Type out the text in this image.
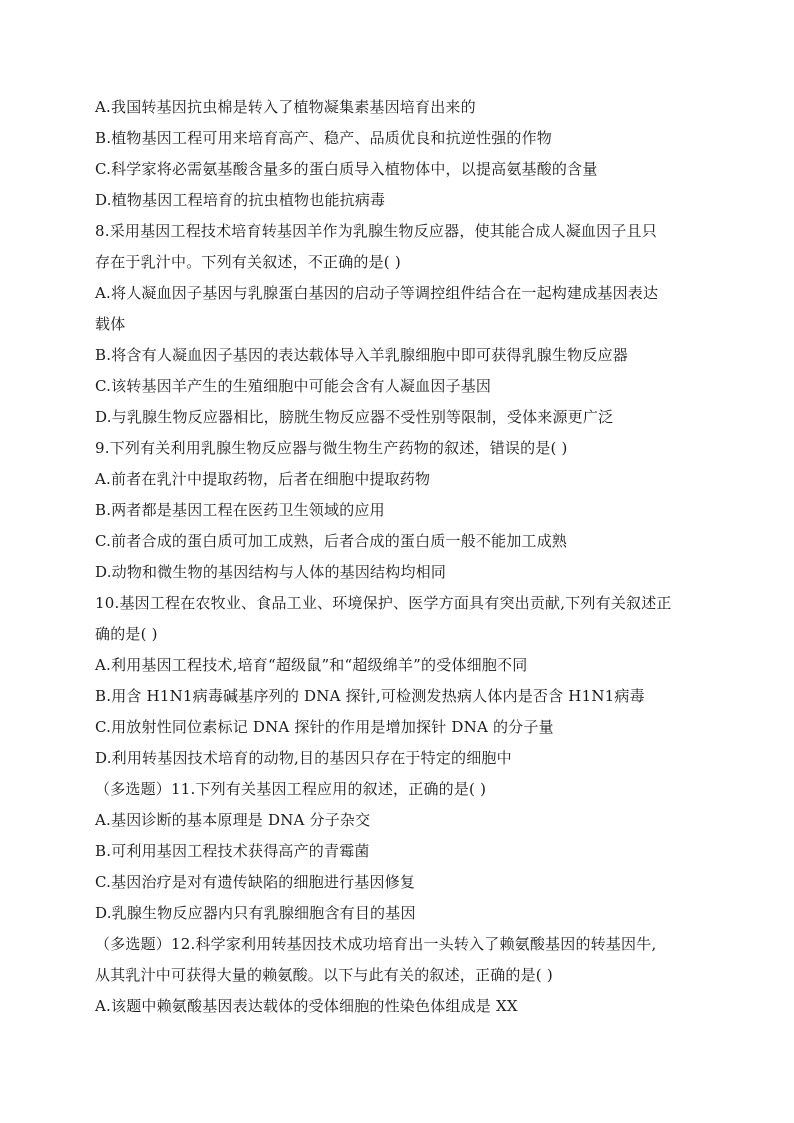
A.我国转基因抗虫棉是转入了植物凝集素基因培育出来的
B.植物基因工程可用来培育高产、稳产、品质优良和抗逆性强的作物
C.科学家将必需氨基酸含量多的蛋白质导入植物体中，以提高氨基酸的含量
D.植物基因工程培育的抗虫植物也能抗病毒
8.采用基因工程技术培育转基因羊作为乳腺生物反应器，使其能合成人凝血因子且只
存在于乳汁中。下列有关叙述，不正确的是( )
A.将人凝血因子基因与乳腺蛋白基因的启动子等调控组件结合在一起构建成基因表达
载体
B.将含有人凝血因子基因的表达载体导入羊乳腺细胞中即可获得乳腺生物反应器
C.该转基因羊产生的生殖细胞中可能会含有人凝血因子基因
D.与乳腺生物反应器相比，膀胱生物反应器不受性别等限制，受体来源更广泛
9.下列有关利用乳腺生物反应器与微生物生产药物的叙述，错误的是( )
A.前者在乳汁中提取药物，后者在细胞中提取药物
B.两者都是基因工程在医药卫生领域的应用
C.前者合成的蛋白质可加工成熟，后者合成的蛋白质一般不能加工成熟
D.动物和微生物的基因结构与人体的基因结构均相同
10.基因工程在农牧业、食品工业、环境保护、医学方面具有突出贡献,下列有关叙述正
确的是( )
A.利用基因工程技术,培育“超级鼠”和“超级绵羊”的受体细胞不同
B.用含 H1N1病毒碱基序列的 DNA 探针,可检测发热病人体内是否含 H1N1病毒
C.用放射性同位素标记 DNA 探针的作用是增加探针 DNA 的分子量
D.利用转基因技术培育的动物,目的基因只存在于特定的细胞中
（多选题）11.下列有关基因工程应用的叙述，正确的是( )
A.基因诊断的基本原理是 DNA 分子杂交
B.可利用基因工程技术获得高产的青霉菌
C.基因治疗是对有遗传缺陷的细胞进行基因修复
D.乳腺生物反应器内只有乳腺细胞含有目的基因
（多选题）12.科学家利用转基因技术成功培育出一头转入了赖氨酸基因的转基因牛,
从其乳汁中可获得大量的赖氨酸。以下与此有关的叙述，正确的是( )
A.该题中赖氨酸基因表达载体的受体细胞的性染色体组成是 XX
